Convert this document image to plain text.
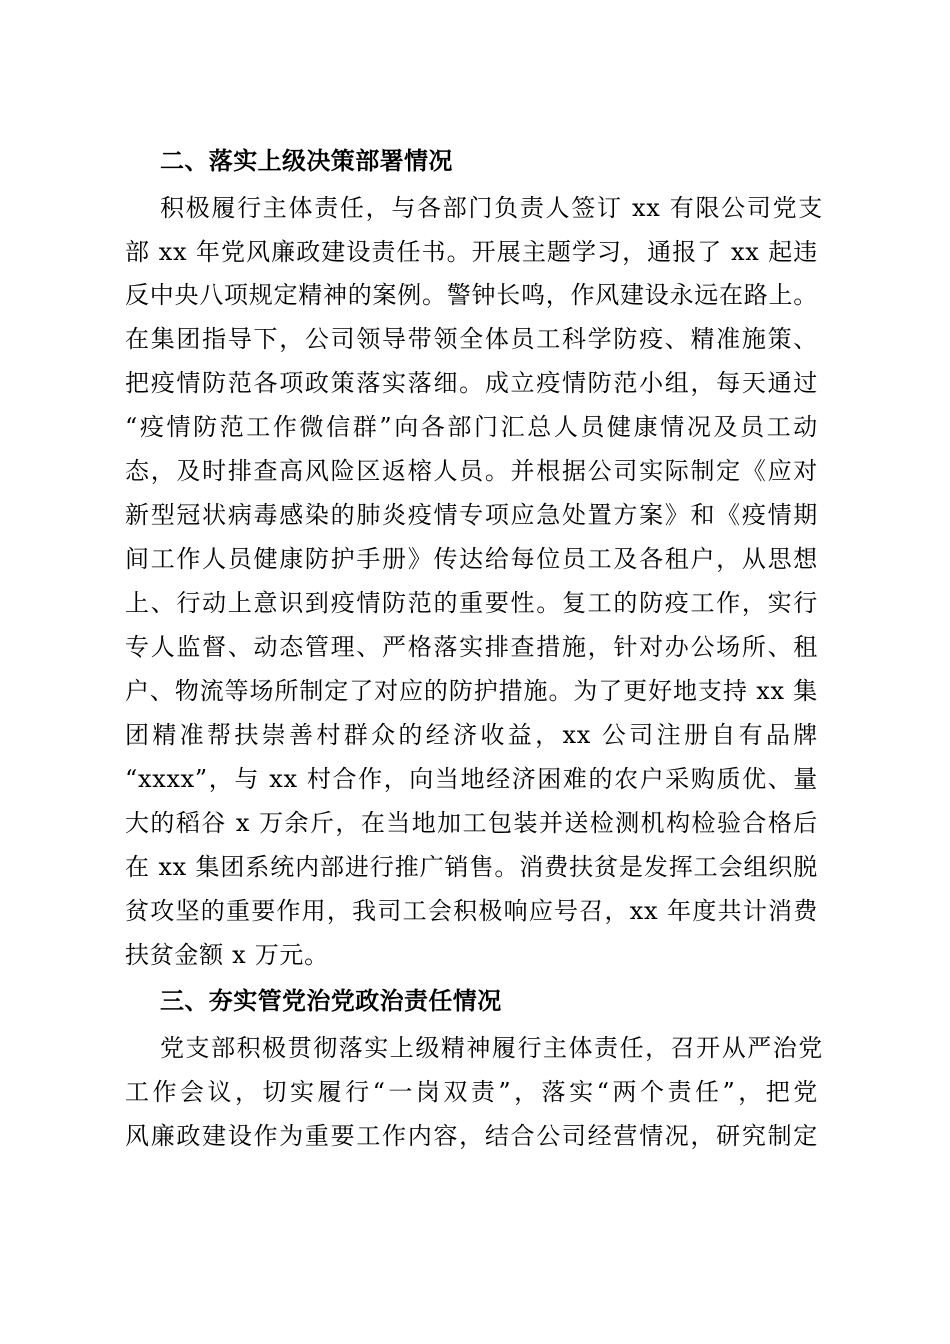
二、落实上级决策部署情况
积极履行主体责任，与各部门负责人签订 xx 有限公司党支
部 xx 年党风廉政建设责任书。开展主题学习，通报了 xx 起违
反中央八项规定精神的案例。警钟长鸣，作风建设永远在路上。
在集团指导下，公司领导带领全体员工科学防疫、精准施策、
把疫情防范各项政策落实落细。成立疫情防范小组，每天通过
“疫情防范工作微信群”向各部门汇总人员健康情况及员工动
态，及时排查高风险区返榕人员。并根据公司实际制定《应对
新型冠状病毒感染的肺炎疫情专项应急处置方案》和《疫情期
间工作人员健康防护手册》传达给每位员工及各租户，从思想
上、行动上意识到疫情防范的重要性。复工的防疫工作，实行
专人监督、动态管理、严格落实排查措施，针对办公场所、租
户、物流等场所制定了对应的防护措施。为了更好地支持 xx 集
团精准帮扶崇善村群众的经济收益，xx 公司注册自有品牌
“xxxx”，与 xx 村合作，向当地经济困难的农户采购质优、量
大的稻谷 x 万余斤，在当地加工包装并送检测机构检验合格后
在 xx 集团系统内部进行推广销售。消费扶贫是发挥工会组织脱
贫攻坚的重要作用，我司工会积极响应号召，xx 年度共计消费
扶贫金额 x 万元。
三、夯实管党治党政治责任情况
党支部积极贯彻落实上级精神履行主体责任，召开从严治党
工作会议，切实履行“一岗双责”，落实“两个责任”，把党
风廉政建设作为重要工作内容，结合公司经营情况，研究制定
